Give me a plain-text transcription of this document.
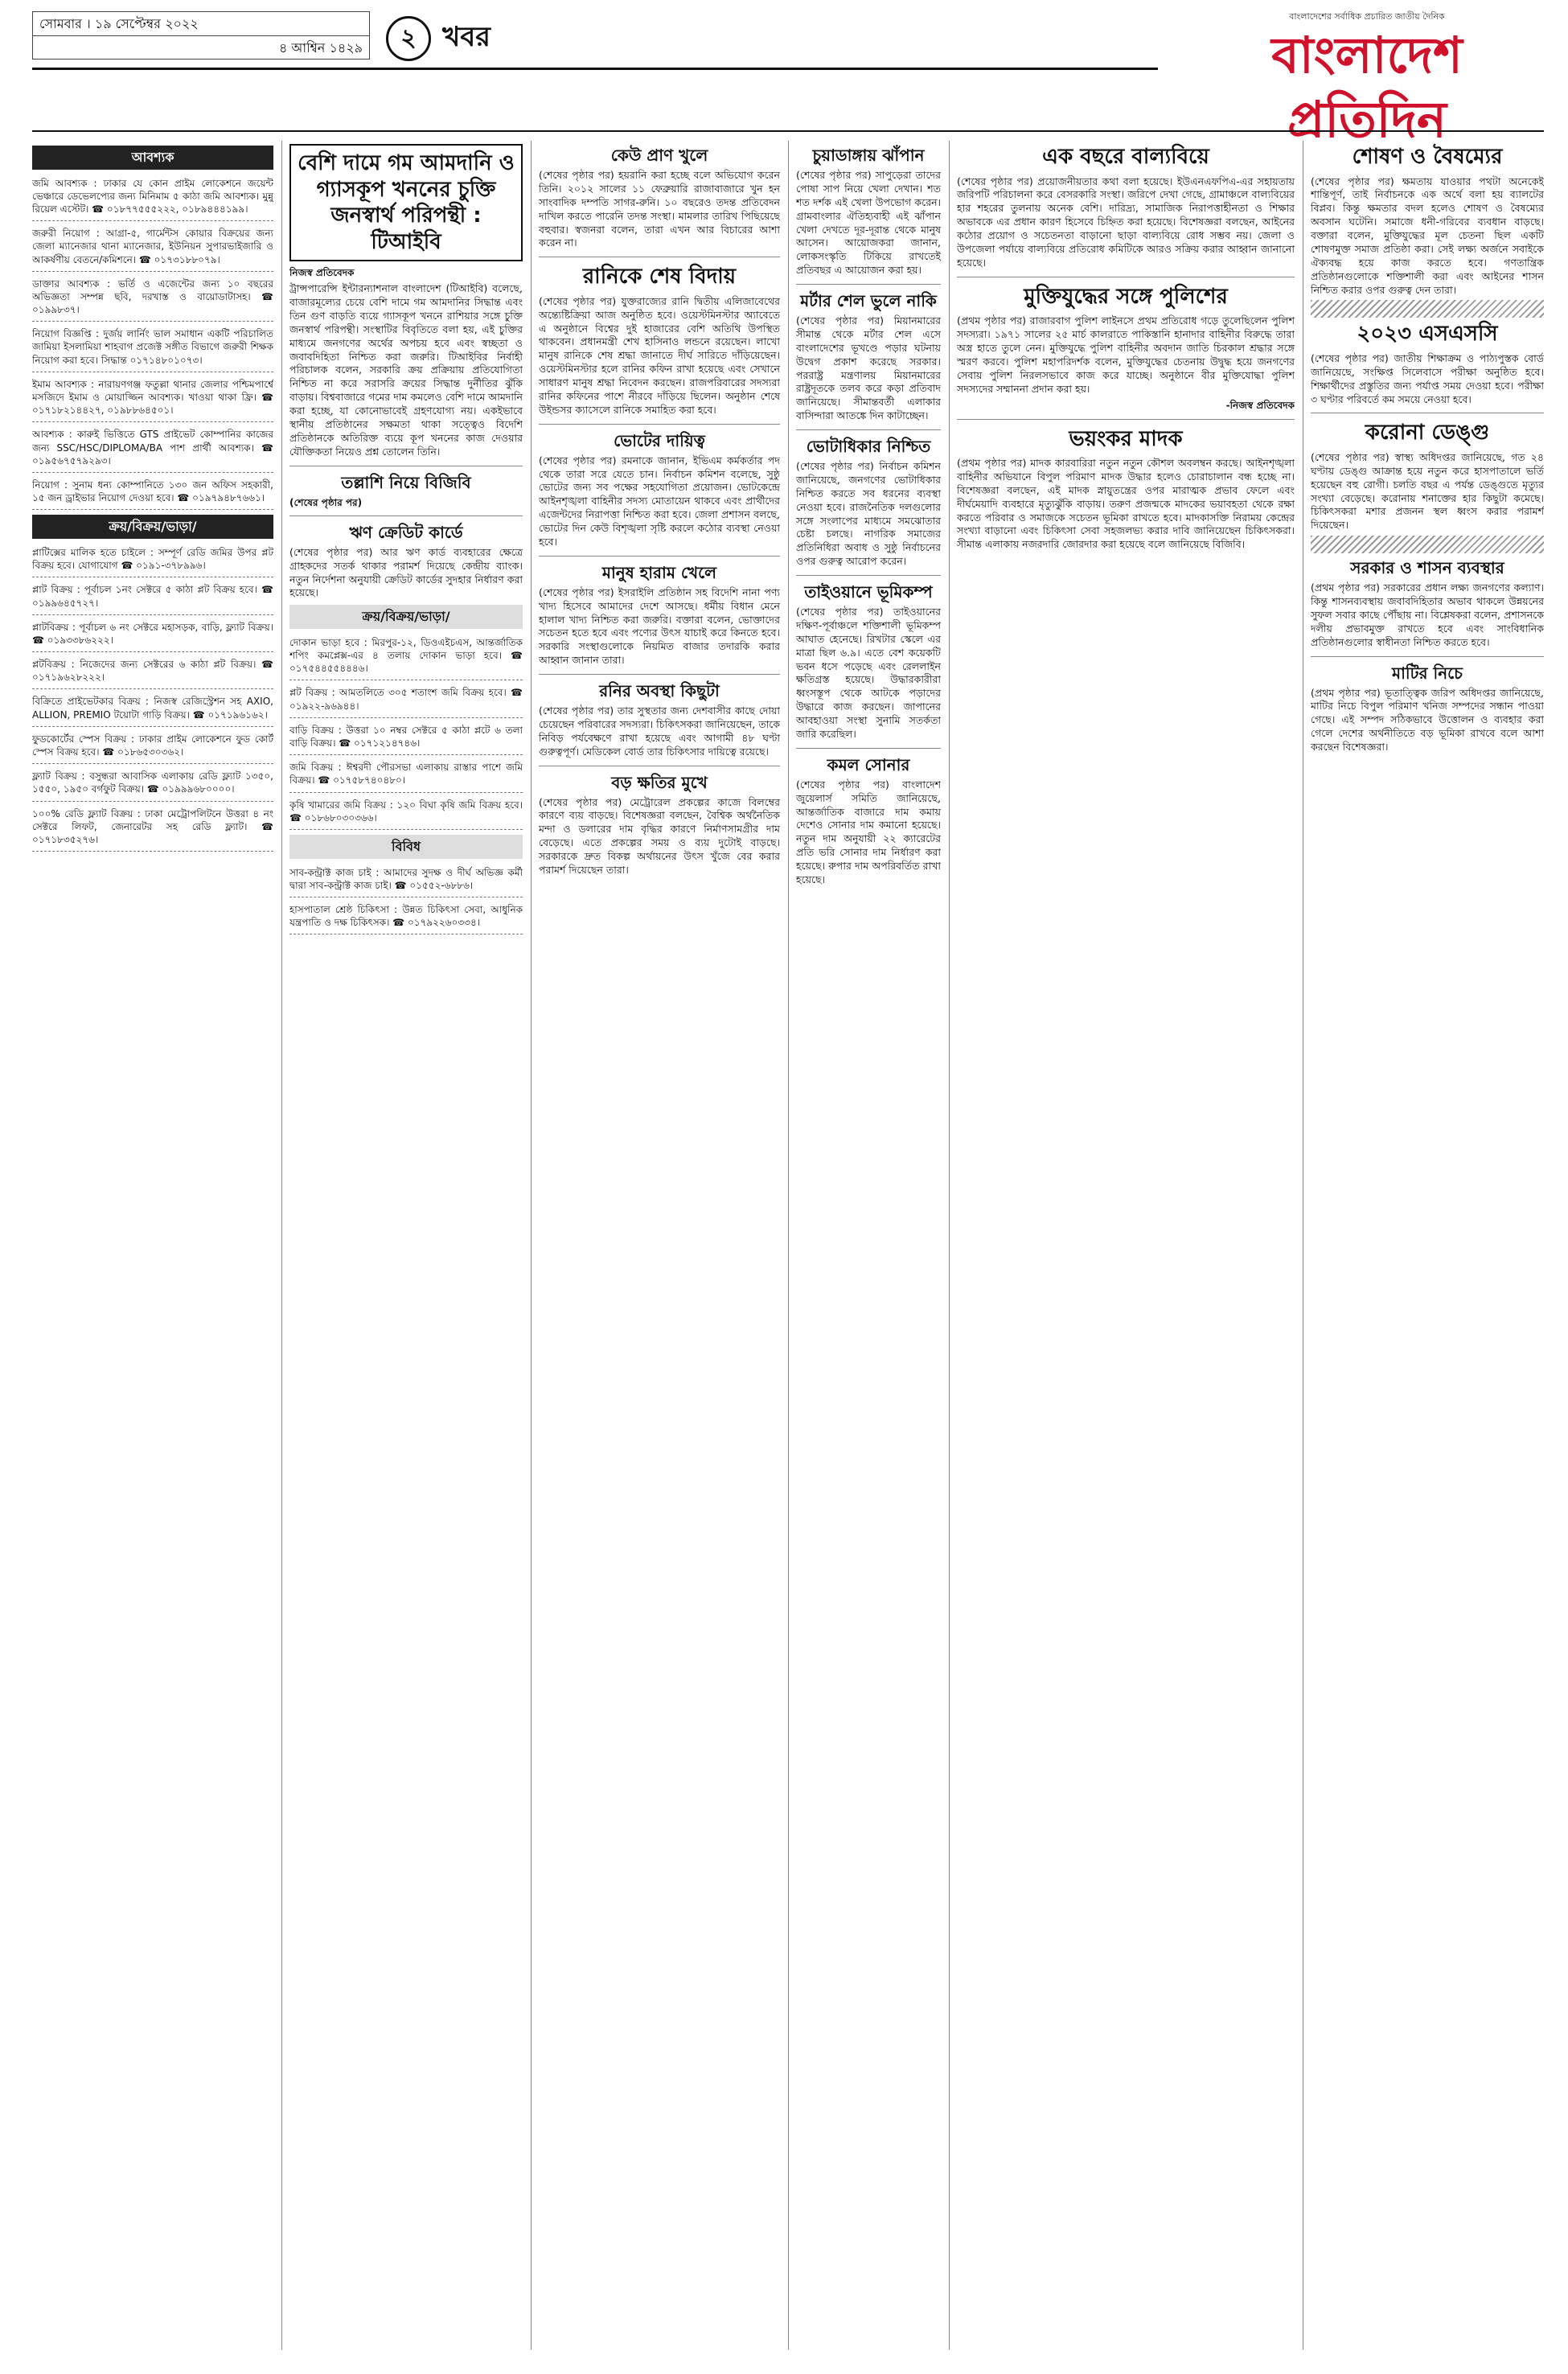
সোমবার । ১৯ সেপ্টেম্বর ২০২২
৪ আশ্বিন ১৪২৯	২ খবর
বাংলাদেশের সর্বাধিক প্রচারিত জাতীয় দৈনিক
বাংলাদেশ প্রতিদিন
আবশ্যক
জমি আবশ্যক : ঢাকার যে কোন প্রাইম লোকেশনে জয়েন্ট ভেঞ্চারে ডেভেলপ্যের জন্য মিনিমাম ৫ কাঠা জমি আবশ্যক। মুন্নু রিয়েল এস্টেট। ☎ ০১৮৭৭৫৫৫২২২, ০১৮৯৪৪৪১৯৯।
জরুরী নিয়োগ : আগ্রা-৫, গার্মেন্টস কোয়ার বিক্রয়ের জন্য জেলা ম্যানেজার থানা ম্যানেজার, ইউনিয়ন সুপারভাইজারি ও আকর্ষণীয় বেতনে/কমিশনে। ☎ ০১৭৩১৮৮০৭৯।
ডাক্তার আবশ্যক : ভর্তি ও এজেন্টের জন্য ১০ বছরের অভিজ্ঞতা সম্পন্ন ছবি, দরখাস্ত ও বায়োডাটাসহ। ☎ ০১৯৯৮৩৭।
নিয়োগ বিজ্ঞপ্তি : দুর্জয় লার্নিং ভাল সমাধান একটি পরিচালিত জামিয়া ইসলামিয়া শাহবাগ প্রজেক্ট সঙ্গীত বিভাগে জরুরী শিক্ষক নিয়োগ করা হবে। সিদ্ধান্ত ০১৭১৪৮০১০৭৩।
ইমাম আবশ্যক : নারায়ণগঞ্জ ফতুল্লা থানার জেলার পশ্চিমপার্শ্বে মসজিদে ইমাম ও মোয়াজ্জিন আবশ্যক। খাওয়া থাকা ফ্রি। ☎ ০১৭১৮২১৪৪২৭, ০১৯৮৮৬৪৫০১।
আবশ্যক : কারুই ভিত্তিতে GTS প্রাইভেট কোম্পানির কাজের জন্য SSC/HSC/DIPLOMA/BA পাশ প্রার্থী আবশ্যক। ☎ ০১৯৫৬৭৫৭৯২৯৩।
নিয়োগ : সুনাম ধন্য কোম্পানিতে ১৩০ জন অফিস সহকারী, ১৫ জন ড্রাইভার নিয়োগ দেওয়া হবে। ☎ ০১৯৭৯৪৮৭৬৬১।
ক্রয়/বিক্রয়/ভাড়া/
প্লাটিক্সের মালিক হতে চাইলে : সম্পূর্ণ রেডি জমির উপর প্লট বিক্রয় হবে। যোগাযোগ ☎ ০১৯১-৩৭৮৯৯৬।
প্লাট বিক্রয় : পূর্বাচল ১নং সেক্টরে ৫ কাঠা প্লট বিক্রয় হবে। ☎ ০১৯৯৬৪৫৭২৭।
প্লাটবিক্রয় : পূর্বাচল ৬ নং সেক্টরে মহাসড়ক, বাড়ি, ফ্ল্যাট বিক্রয়। ☎ ০১৯৩৩৮৬২২২।
প্লটবিক্রয় : নিজেদের জন্য সেক্টরের ৬ কাঠা প্লট বিক্রয়। ☎ ০১৭১৯৬২৮২২২।
বিক্রিতে প্রাইভেটকার বিক্রয় : নিজস্ব রেজিস্ট্রেশন সহ AXIO, ALLION, PREMIO টয়োটা গাড়ি বিক্রয়। ☎ ০১৭১৯৬১৬২।
ফুডকোর্টের স্পেস বিক্রয় : ঢাকার প্রাইম লোকেশনে ফুড কোর্ট স্পেস বিক্রয় হবে। ☎ ০১৮৬৫৩০৩৬২।
ফ্ল্যাট বিক্রয় : বসুন্ধরা আবাসিক এলাকায় রেডি ফ্ল্যাট ১৩৫০, ১৫৫০, ১৯৫০ বর্গফুট বিক্রয়। ☎ ০১৯৯৯৬৮০০০০।
১০০% রেডি ফ্ল্যাট বিক্রয় : ঢাকা মেট্রোপলিটনে উত্তরা ৪ নং সেক্টরে লিফট, জেনারেটর সহ রেডি ফ্ল্যাট। ☎ ০১৭১৮৩৫২৭৬।
বেশি দামে গম আমদানি ও গ্যাসকূপ খননের চুক্তি জনস্বার্থ পরিপন্থী : টিআইবি
নিজস্ব প্রতিবেদক

ট্রান্সপারেন্সি ইন্টারন্যাশনাল বাংলাদেশ (টিআইবি) বলেছে, বাজারমূল্যের চেয়ে বেশি দামে গম আমদানির সিদ্ধান্ত এবং তিন গুণ বাড়তি ব্যয়ে গ্যাসকূপ খননে রাশিয়ার সঙ্গে চুক্তি জনস্বার্থ পরিপন্থী। সংস্থাটির বিবৃতিতে বলা হয়, এই চুক্তির মাধ্যমে জনগণের অর্থের অপচয় হবে এবং স্বচ্ছতা ও জবাবদিহিতা নিশ্চিত করা জরুরি। টিআইবির নির্বাহী পরিচালক বলেন, সরকারি ক্রয় প্রক্রিয়ায় প্রতিযোগিতা নিশ্চিত না করে সরাসরি ক্রয়ের সিদ্ধান্ত দুর্নীতির ঝুঁকি বাড়ায়। বিশ্ববাজারে গমের দাম কমলেও বেশি দামে আমদানি করা হচ্ছে, যা কোনোভাবেই গ্রহণযোগ্য নয়। একইভাবে স্থানীয় প্রতিষ্ঠানের সক্ষমতা থাকা সত্ত্বেও বিদেশি প্রতিষ্ঠানকে অতিরিক্ত ব্যয়ে কূপ খননের কাজ দেওয়ার যৌক্তিকতা নিয়েও প্রশ্ন তোলেন তিনি।

তল্লাশি নিয়ে বিজিবি
(শেষের পৃষ্ঠার পর)
ঋণ ক্রেডিট কার্ডে

(শেষের পৃষ্ঠার পর) আর ঋণ কার্ড ব্যবহারের ক্ষেত্রে গ্রাহকদের সতর্ক থাকার পরামর্শ দিয়েছে কেন্দ্রীয় ব্যাংক। নতুন নির্দেশনা অনুযায়ী ক্রেডিট কার্ডের সুদহার নির্ধারণ করা হয়েছে।

ক্রয়/বিক্রয়/ভাড়া/
দোকান ভাড়া হবে : মিরপুর-১২, ডিওএইচএস, আন্তর্জাতিক শপিং কমপ্লেক্স-এর ৪ তলায় দোকান ভাড়া হবে। ☎ ০১৭৫৪৪৫৫৪৪৪৬।
প্লট বিক্রয় : আমতলিতে ৩০৫ শতাংশ জমি বিক্রয় হবে। ☎ ০১৯২২-৯৬৯৪৪।
বাড়ি বিক্রয় : উত্তরা ১০ নম্বর সেক্টরে ৫ কাঠা প্লটে ৬ তলা বাড়ি বিক্রয়। ☎ ০১৭১২১৪৭৪৬।
জমি বিক্রয় : ঈশ্বরদী পৌরসভা এলাকায় রাস্তার পাশে জমি বিক্রয়। ☎ ০১৭৫৮৭৪০৪৮০।
কৃষি খামারের জমি বিক্রয় : ১২০ বিঘা কৃষি জমি বিক্রয় হবে। ☎ ০১৮৬৮০৩০৩৬৬।
বিবিধ
সাব-কন্ট্রাক্ট কাজ চাই : আমাদের সুদক্ষ ও দীর্ঘ অভিজ্ঞ কর্মী দ্বারা সাব-কন্ট্রাক্ট কাজ চাই। ☎ ০১৫৫২-৬৮৮৬।
হাসপাতাল শ্রেষ্ঠ চিকিৎসা : উন্নত চিকিৎসা সেবা, আধুনিক যন্ত্রপাতি ও দক্ষ চিকিৎসক। ☎ ০১৭৯২২৬০৩৩৪।
কেউ প্রাণ খুলে

(শেষের পৃষ্ঠার পর) হয়রানি করা হচ্ছে বলে অভিযোগ করেন তিনি। ২০১২ সালের ১১ ফেব্রুয়ারি রাজাবাজারে খুন হন সাংবাদিক দম্পতি সাগর-রুনি। ১০ বছরেও তদন্ত প্রতিবেদন দাখিল করতে পারেনি তদন্ত সংস্থা। মামলার তারিখ পিছিয়েছে বহুবার। স্বজনরা বলেন, তারা এখন আর বিচারের আশা করেন না।

রানিকে শেষ বিদায়

(শেষের পৃষ্ঠার পর) যুক্তরাজ্যের রানি দ্বিতীয় এলিজাবেথের অন্ত্যেষ্টিক্রিয়া আজ অনুষ্ঠিত হবে। ওয়েস্টমিনস্টার অ্যাবেতে এ অনুষ্ঠানে বিশ্বের দুই হাজারের বেশি অতিথি উপস্থিত থাকবেন। প্রধানমন্ত্রী শেখ হাসিনাও লন্ডনে রয়েছেন। লাখো মানুষ রানিকে শেষ শ্রদ্ধা জানাতে দীর্ঘ সারিতে দাঁড়িয়েছেন। ওয়েস্টমিনস্টার হলে রানির কফিন রাখা হয়েছে এবং সেখানে সাধারণ মানুষ শ্রদ্ধা নিবেদন করছেন। রাজপরিবারের সদস্যরা রানির কফিনের পাশে নীরবে দাঁড়িয়ে ছিলেন। অনুষ্ঠান শেষে উইন্ডসর ক্যাসেলে রানিকে সমাহিত করা হবে।

ভোটের দায়িত্ব

(শেষের পৃষ্ঠার পর) রমনাকে জানান, ইভিএম কর্মকর্তার পদ থেকে তারা সরে যেতে চান। নির্বাচন কমিশন বলেছে, সুষ্ঠু ভোটের জন্য সব পক্ষের সহযোগিতা প্রয়োজন। ভোটকেন্দ্রে আইনশৃঙ্খলা বাহিনীর সদস্য মোতায়েন থাকবে এবং প্রার্থীদের এজেন্টদের নিরাপত্তা নিশ্চিত করা হবে। জেলা প্রশাসন বলছে, ভোটের দিন কেউ বিশৃঙ্খলা সৃষ্টি করলে কঠোর ব্যবস্থা নেওয়া হবে।

মানুষ হারাম খেলে

(শেষের পৃষ্ঠার পর) ইসরাইলি প্রতিষ্ঠান সহ বিদেশি নানা পণ্য খাদ্য হিসেবে আমাদের দেশে আসছে। ধর্মীয় বিধান মেনে হালাল খাদ্য নিশ্চিত করা জরুরি। বক্তারা বলেন, ভোক্তাদের সচেতন হতে হবে এবং পণ্যের উৎস যাচাই করে কিনতে হবে। সরকারি সংস্থাগুলোকে নিয়মিত বাজার তদারকি করার আহ্বান জানান তারা।

রনির অবস্থা কিছুটা

(শেষের পৃষ্ঠার পর) তার সুস্থতার জন্য দেশবাসীর কাছে দোয়া চেয়েছেন পরিবারের সদস্যরা। চিকিৎসকরা জানিয়েছেন, তাকে নিবিড় পর্যবেক্ষণে রাখা হয়েছে এবং আগামী ৪৮ ঘণ্টা গুরুত্বপূর্ণ। মেডিকেল বোর্ড তার চিকিৎসার দায়িত্বে রয়েছে।

বড় ক্ষতির মুখে

(শেষের পৃষ্ঠার পর) মেট্রোরেল প্রকল্পের কাজে বিলম্বের কারণে ব্যয় বাড়ছে। বিশেষজ্ঞরা বলছেন, বৈশ্বিক অর্থনৈতিক মন্দা ও ডলারের দাম বৃদ্ধির কারণে নির্মাণসামগ্রীর দাম বেড়েছে। এতে প্রকল্পের সময় ও ব্যয় দুটোই বাড়ছে। সরকারকে দ্রুত বিকল্প অর্থায়নের উৎস খুঁজে বের করার পরামর্শ দিয়েছেন তারা।

চুয়াডাঙ্গায় ঝাঁপান

(শেষের পৃষ্ঠার পর) সাপুড়েরা তাদের পোষা সাপ নিয়ে খেলা দেখান। শত শত দর্শক এই খেলা উপভোগ করেন। গ্রামবাংলার ঐতিহ্যবাহী এই ঝাঁপান খেলা দেখতে দূর-দূরান্ত থেকে মানুষ আসেন। আয়োজকরা জানান, লোকসংস্কৃতি টিকিয়ে রাখতেই প্রতিবছর এ আয়োজন করা হয়।

মর্টার শেল ভুলে নাকি

(শেষের পৃষ্ঠার পর) মিয়ানমারের সীমান্ত থেকে মর্টার শেল এসে বাংলাদেশের ভূখণ্ডে পড়ার ঘটনায় উদ্বেগ প্রকাশ করেছে সরকার। পররাষ্ট্র মন্ত্রণালয় মিয়ানমারের রাষ্ট্রদূতকে তলব করে কড়া প্রতিবাদ জানিয়েছে। সীমান্তবর্তী এলাকার বাসিন্দারা আতঙ্কে দিন কাটাচ্ছেন।

ভোটাধিকার নিশ্চিত

(শেষের পৃষ্ঠার পর) নির্বাচন কমিশন জানিয়েছে, জনগণের ভোটাধিকার নিশ্চিত করতে সব ধরনের ব্যবস্থা নেওয়া হবে। রাজনৈতিক দলগুলোর সঙ্গে সংলাপের মাধ্যমে সমঝোতার চেষ্টা চলছে। নাগরিক সমাজের প্রতিনিধিরা অবাধ ও সুষ্ঠু নির্বাচনের ওপর গুরুত্ব আরোপ করেন।

তাইওয়ানে ভূমিকম্প

(শেষের পৃষ্ঠার পর) তাইওয়ানের দক্ষিণ-পূর্বাঞ্চলে শক্তিশালী ভূমিকম্প আঘাত হেনেছে। রিখটার স্কেলে এর মাত্রা ছিল ৬.৯। এতে বেশ কয়েকটি ভবন ধসে পড়েছে এবং রেললাইন ক্ষতিগ্রস্ত হয়েছে। উদ্ধারকারীরা ধ্বংসস্তূপ থেকে আটকে পড়াদের উদ্ধারে কাজ করছেন। জাপানের আবহাওয়া সংস্থা সুনামি সতর্কতা জারি করেছিল।

কমল সোনার

(শেষের পৃষ্ঠার পর) বাংলাদেশ জুয়েলার্স সমিতি জানিয়েছে, আন্তর্জাতিক বাজারে দাম কমায় দেশেও সোনার দাম কমানো হয়েছে। নতুন দাম অনুযায়ী ২২ ক্যারেটের প্রতি ভরি সোনার দাম নির্ধারণ করা হয়েছে। রুপার দাম অপরিবর্তিত রাখা হয়েছে।

এক বছরে বাল্যবিয়ে

(শেষের পৃষ্ঠার পর) প্রয়োজনীয়তার কথা বলা হয়েছে। ইউএনএফপিএ-এর সহায়তায় জরিপটি পরিচালনা করে বেসরকারি সংস্থা। জরিপে দেখা গেছে, গ্রামাঞ্চলে বাল্যবিয়ের হার শহরের তুলনায় অনেক বেশি। দারিদ্র্য, সামাজিক নিরাপত্তাহীনতা ও শিক্ষার অভাবকে এর প্রধান কারণ হিসেবে চিহ্নিত করা হয়েছে। বিশেষজ্ঞরা বলছেন, আইনের কঠোর প্রয়োগ ও সচেতনতা বাড়ানো ছাড়া বাল্যবিয়ে রোধ সম্ভব নয়। জেলা ও উপজেলা পর্যায়ে বাল্যবিয়ে প্রতিরোধ কমিটিকে আরও সক্রিয় করার আহ্বান জানানো হয়েছে।

মুক্তিযুদ্ধের সঙ্গে পুলিশের

(প্রথম পৃষ্ঠার পর) রাজারবাগ পুলিশ লাইনসে প্রথম প্রতিরোধ গড়ে তুলেছিলেন পুলিশ সদস্যরা। ১৯৭১ সালের ২৫ মার্চ কালরাতে পাকিস্তানি হানাদার বাহিনীর বিরুদ্ধে তারা অস্ত্র হাতে তুলে নেন। মুক্তিযুদ্ধে পুলিশ বাহিনীর অবদান জাতি চিরকাল শ্রদ্ধার সঙ্গে স্মরণ করবে। পুলিশ মহাপরিদর্শক বলেন, মুক্তিযুদ্ধের চেতনায় উদ্বুদ্ধ হয়ে জনগণের সেবায় পুলিশ নিরলসভাবে কাজ করে যাচ্ছে। অনুষ্ঠানে বীর মুক্তিযোদ্ধা পুলিশ সদস্যদের সম্মাননা প্রদান করা হয়।

-নিজস্ব প্রতিবেদক
ভয়ংকর মাদক

(প্রথম পৃষ্ঠার পর) মাদক কারবারিরা নতুন নতুন কৌশল অবলম্বন করছে। আইনশৃঙ্খলা বাহিনীর অভিযানে বিপুল পরিমাণ মাদক উদ্ধার হলেও চোরাচালান বন্ধ হচ্ছে না। বিশেষজ্ঞরা বলছেন, এই মাদক স্নায়ুতন্ত্রের ওপর মারাত্মক প্রভাব ফেলে এবং দীর্ঘমেয়াদি ব্যবহারে মৃত্যুঝুঁকি বাড়ায়। তরুণ প্রজন্মকে মাদকের ভয়াবহতা থেকে রক্ষা করতে পরিবার ও সমাজকে সচেতন ভূমিকা রাখতে হবে। মাদকাসক্তি নিরাময় কেন্দ্রের সংখ্যা বাড়ানো এবং চিকিৎসা সেবা সহজলভ্য করার দাবি জানিয়েছেন চিকিৎসকরা। সীমান্ত এলাকায় নজরদারি জোরদার করা হয়েছে বলে জানিয়েছে বিজিবি।

শোষণ ও বৈষম্যের

(শেষের পৃষ্ঠার পর) ক্ষমতায় যাওয়ার পথটা অনেকেই শান্তিপূর্ণ, তাই নির্বাচনকে এক অর্থে বলা হয় ব্যালটের বিপ্লব। কিন্তু ক্ষমতার বদল হলেও শোষণ ও বৈষম্যের অবসান ঘটেনি। সমাজে ধনী-গরিবের ব্যবধান বাড়ছে। বক্তারা বলেন, মুক্তিযুদ্ধের মূল চেতনা ছিল একটি শোষণমুক্ত সমাজ প্রতিষ্ঠা করা। সেই লক্ষ্য অর্জনে সবাইকে ঐক্যবদ্ধ হয়ে কাজ করতে হবে। গণতান্ত্রিক প্রতিষ্ঠানগুলোকে শক্তিশালী করা এবং আইনের শাসন নিশ্চিত করার ওপর গুরুত্ব দেন তারা।

২০২৩ এসএসসি

(শেষের পৃষ্ঠার পর) জাতীয় শিক্ষাক্রম ও পাঠ্যপুস্তক বোর্ড জানিয়েছে, সংক্ষিপ্ত সিলেবাসে পরীক্ষা অনুষ্ঠিত হবে। শিক্ষার্থীদের প্রস্তুতির জন্য পর্যাপ্ত সময় দেওয়া হবে। পরীক্ষা ৩ ঘণ্টার পরিবর্তে কম সময়ে নেওয়া হবে।

করোনা ডেঙ্গু

(শেষের পৃষ্ঠার পর) স্বাস্থ্য অধিদপ্তর জানিয়েছে, গত ২৪ ঘণ্টায় ডেঙ্গু আক্রান্ত হয়ে নতুন করে হাসপাতালে ভর্তি হয়েছেন বহু রোগী। চলতি বছর এ পর্যন্ত ডেঙ্গুতে মৃত্যুর সংখ্যা বেড়েছে। করোনায় শনাক্তের হার কিছুটা কমেছে। চিকিৎসকরা মশার প্রজনন স্থল ধ্বংস করার পরামর্শ দিয়েছেন।

সরকার ও শাসন ব্যবস্থার

(প্রথম পৃষ্ঠার পর) সরকারের প্রধান লক্ষ্য জনগণের কল্যাণ। কিন্তু শাসনব্যবস্থায় জবাবদিহিতার অভাব থাকলে উন্নয়নের সুফল সবার কাছে পৌঁছায় না। বিশ্লেষকরা বলেন, প্রশাসনকে দলীয় প্রভাবমুক্ত রাখতে হবে এবং সাংবিধানিক প্রতিষ্ঠানগুলোর স্বাধীনতা নিশ্চিত করতে হবে।

মাটির নিচে

(প্রথম পৃষ্ঠার পর) ভূতাত্ত্বিক জরিপ অধিদপ্তর জানিয়েছে, মাটির নিচে বিপুল পরিমাণ খনিজ সম্পদের সন্ধান পাওয়া গেছে। এই সম্পদ সঠিকভাবে উত্তোলন ও ব্যবহার করা গেলে দেশের অর্থনীতিতে বড় ভূমিকা রাখবে বলে আশা করছেন বিশেষজ্ঞরা।
